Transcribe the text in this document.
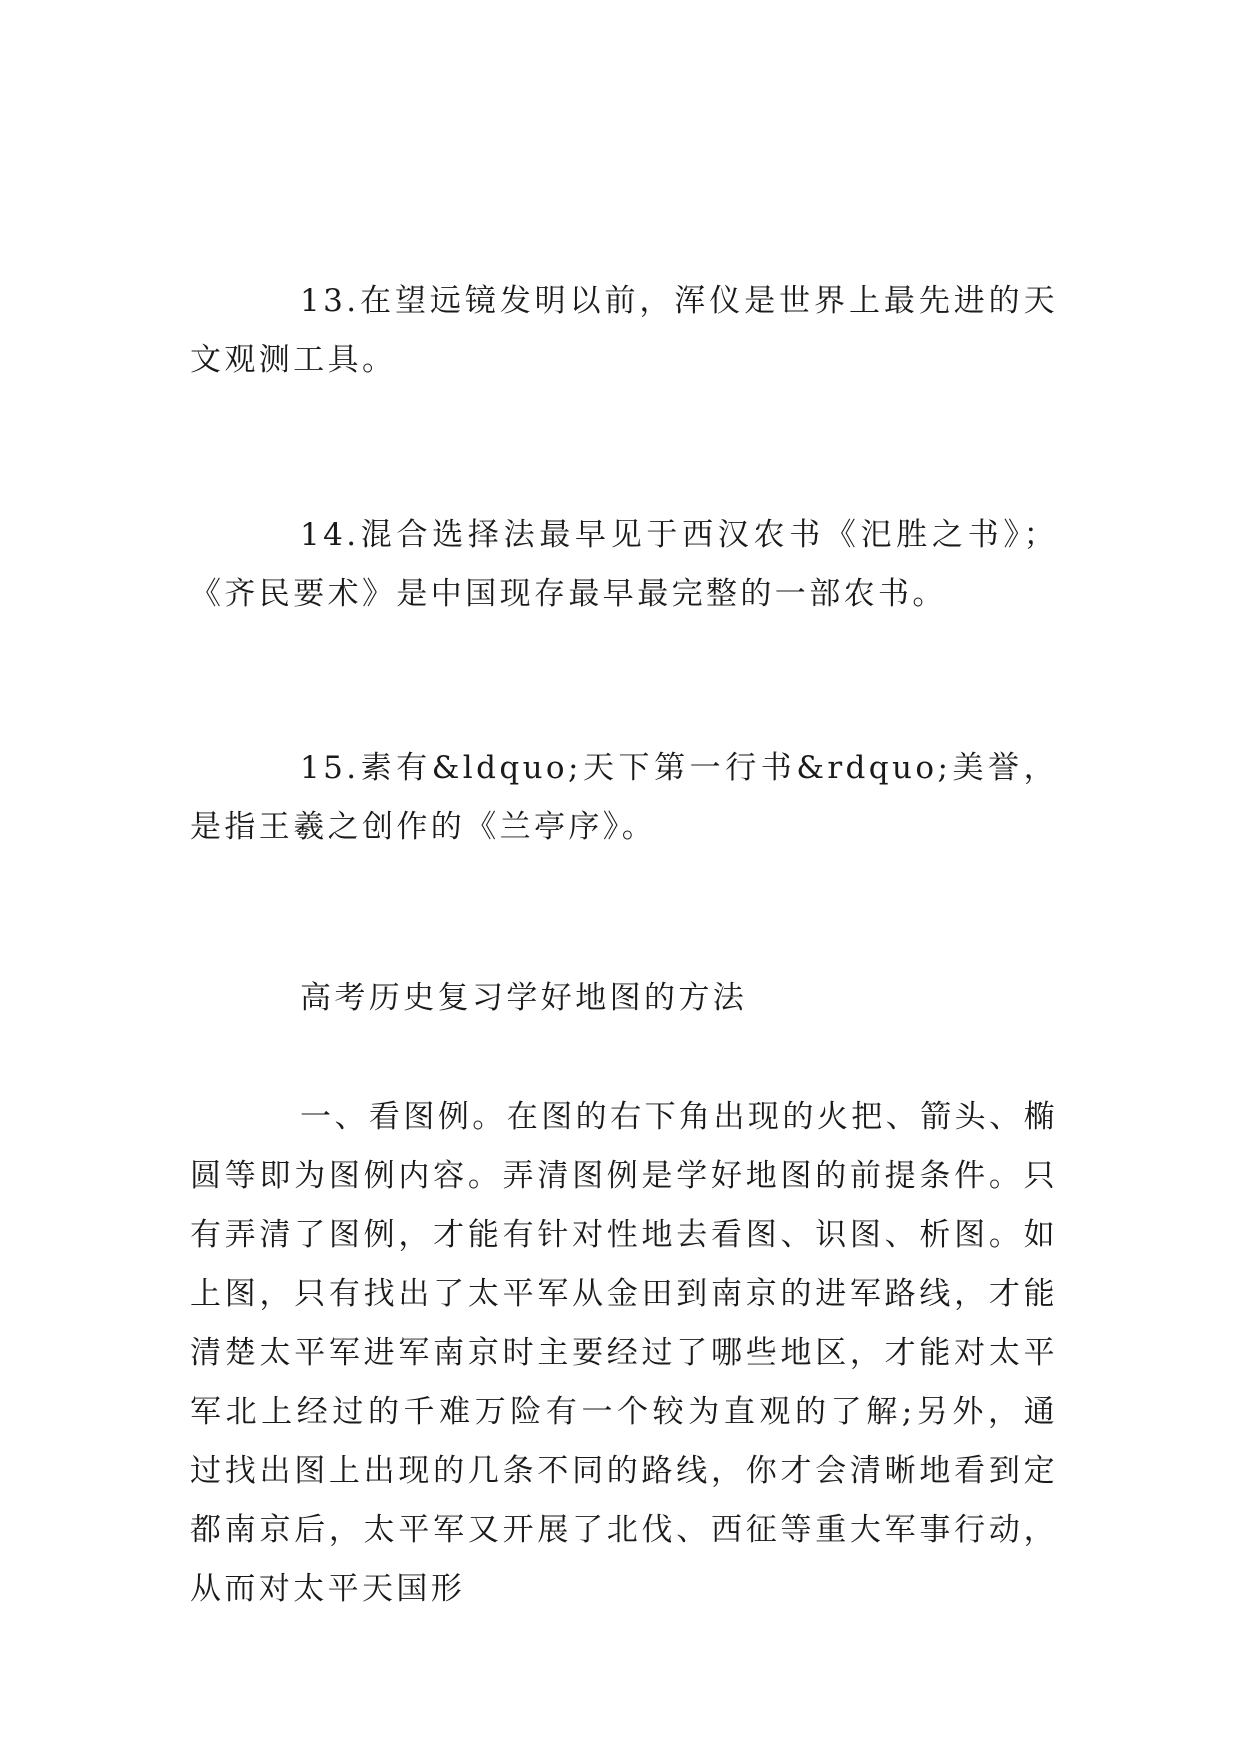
13.在望远镜发明以前，浑仪是世界上最先进的天文观测工具。

14.混合选择法最早见于西汉农书《汜胜之书》；《齐民要术》是中国现存最早最完整的一部农书。

15.素有&ldquo;天下第一行书&rdquo;美誉，是指王羲之创作的《兰亭序》。

高考历史复习学好地图的方法

一、看图例。在图的右下角出现的火把、箭头、椭圆等即为图例内容。弄清图例是学好地图的前提条件。只有弄清了图例，才能有针对性地去看图、识图、析图。如上图，只有找出了太平军从金田到南京的进军路线，才能清楚太平军进军南京时主要经过了哪些地区，才能对太平军北上经过的千难万险有一个较为直观的了解;另外，通过找出图上出现的几条不同的路线，你才会清晰地看到定都南京后，太平军又开展了北伐、西征等重大军事行动，从而对太平天国形
